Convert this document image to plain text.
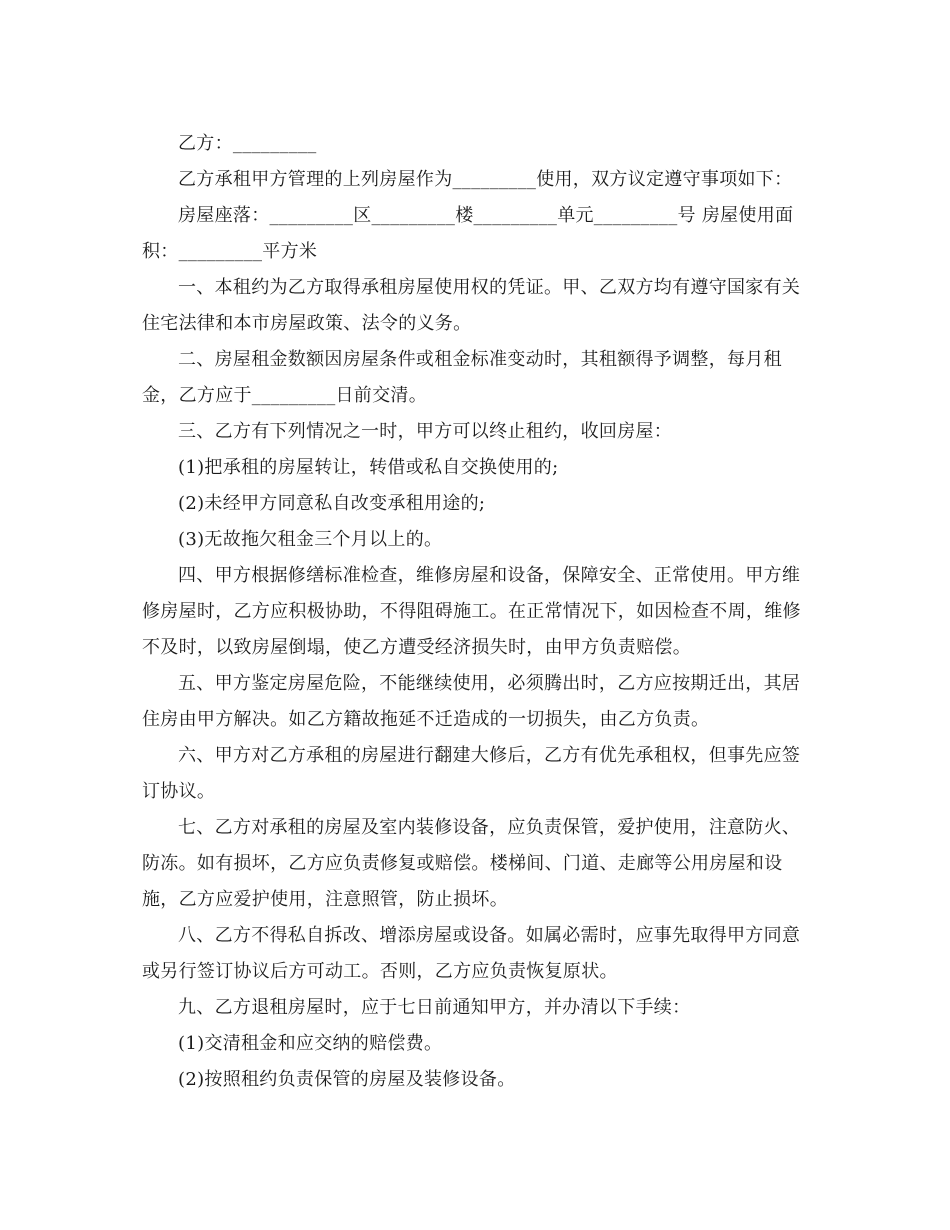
乙方：_________

乙方承租甲方管理的上列房屋作为_________使用，双方议定遵守事项如下：

房屋座落：_________区_________楼_________单元_________号 房屋使用面积：_________平方米

一、本租约为乙方取得承租房屋使用权的凭证。甲、乙双方均有遵守国家有关住宅法律和本市房屋政策、法令的义务。

二、房屋租金数额因房屋条件或租金标准变动时，其租额得予调整，每月租金，乙方应于_________日前交清。

三、乙方有下列情况之一时，甲方可以终止租约，收回房屋：

(1)把承租的房屋转让，转借或私自交换使用的;

(2)未经甲方同意私自改变承租用途的;

(3)无故拖欠租金三个月以上的。

四、甲方根据修缮标准检查，维修房屋和设备，保障安全、正常使用。甲方维修房屋时，乙方应积极协助，不得阻碍施工。在正常情况下，如因检查不周，维修不及时，以致房屋倒塌，使乙方遭受经济损失时，由甲方负责赔偿。

五、甲方鉴定房屋危险，不能继续使用，必须腾出时，乙方应按期迁出，其居住房由甲方解决。如乙方籍故拖延不迁造成的一切损失，由乙方负责。

六、甲方对乙方承租的房屋进行翻建大修后，乙方有优先承租权，但事先应签订协议。

七、乙方对承租的房屋及室内装修设备，应负责保管，爱护使用，注意防火、防冻。如有损坏，乙方应负责修复或赔偿。楼梯间、门道、走廊等公用房屋和设施，乙方应爱护使用，注意照管，防止损坏。

八、乙方不得私自拆改、增添房屋或设备。如属必需时，应事先取得甲方同意或另行签订协议后方可动工。否则，乙方应负责恢复原状。

九、乙方退租房屋时，应于七日前通知甲方，并办清以下手续：

(1)交清租金和应交纳的赔偿费。

(2)按照租约负责保管的房屋及装修设备。
